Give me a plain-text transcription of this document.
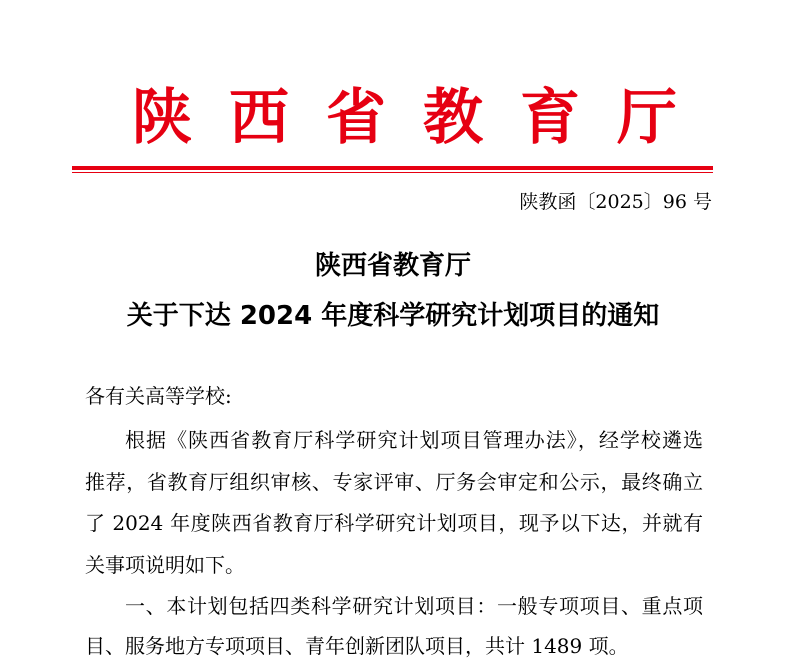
陕 西 省 教 育 厅
陕教函〔2025〕96 号
陕西省教育厅
关于下达 2024 年度科学研究计划项目的通知
各有关高等学校:
根据《陕西省教育厅科学研究计划项目管理办法》，经学校遴选
推荐，省教育厅组织审核、专家评审、厅务会审定和公示，最终确立
了 2024 年度陕西省教育厅科学研究计划项目，现予以下达，并就有
关事项说明如下。
一、本计划包括四类科学研究计划项目：一般专项项目、重点项
目、服务地方专项项目、青年创新团队项目，共计 1489 项。
